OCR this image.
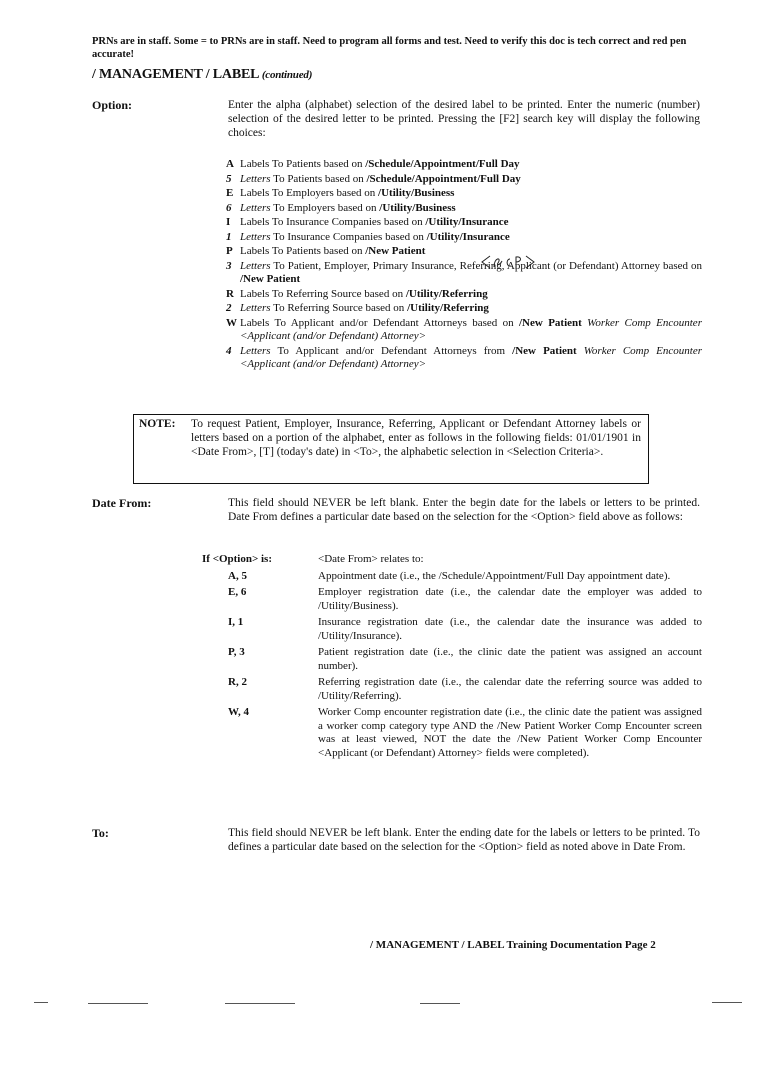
PRNs are in staff. Some = to PRNs are in staff. Need to program all forms and test. Need to verify this doc is tech correct and red pen accurate!
/ MANAGEMENT / LABEL (continued)
Option:	Enter the alpha (alphabet) selection of the desired label to be printed. Enter the numeric (number) selection of the desired letter to be printed. Pressing the [F2] search key will display the following choices:
A Labels To Patients based on /Schedule/Appointment/Full Day
5 Letters To Patients based on /Schedule/Appointment/Full Day
E Labels To Employers based on /Utility/Business
6 Letters To Employers based on /Utility/Business
I Labels To Insurance Companies based on /Utility/Insurance
1 Letters To Insurance Companies based on /Utility/Insurance
P Labels To Patients based on /New Patient
3 Letters To Patient, Employer, Primary Insurance, Referring, Applicant (or Defendant) Attorney based on /New Patient
R Labels To Referring Source based on /Utility/Referring
2 Letters To Referring Source based on /Utility/Referring
W Labels To Applicant and/or Defendant Attorneys based on /New Patient Worker Comp Encounter <Applicant (and/or Defendant) Attorney>
4 Letters To Applicant and/or Defendant Attorneys from /New Patient Worker Comp Encounter <Applicant (and/or Defendant) Attorney>
NOTE: To request Patient, Employer, Insurance, Referring, Applicant or Defendant Attorney labels or letters based on a portion of the alphabet, enter as follows in the following fields: 01/01/1901 in <Date From>, [T] (today's date) in <To>, the alphabetic selection in <Selection Criteria>.
Date From:	This field should NEVER be left blank. Enter the begin date for the labels or letters to be printed. Date From defines a particular date based on the selection for the <Option> field above as follows:
If <Option> is:	<Date From> relates to:
A, 5	Appointment date (i.e., the /Schedule/Appointment/Full Day appointment date).
E, 6	Employer registration date (i.e., the calendar date the employer was added to /Utility/Business).
I, 1	Insurance registration date (i.e., the calendar date the insurance was added to /Utility/Insurance).
P, 3	Patient registration date (i.e., the clinic date the patient was assigned an account number).
R, 2	Referring registration date (i.e., the calendar date the referring source was added to /Utility/Referring).
W, 4	Worker Comp encounter registration date (i.e., the clinic date the patient was assigned a worker comp category type AND the /New Patient Worker Comp Encounter screen was at least viewed, NOT the date the /New Patient Worker Comp Encounter <Applicant (or Defendant) Attorney> fields were completed).
To:	This field should NEVER be left blank. Enter the ending date for the labels or letters to be printed. To defines a particular date based on the selection for the <Option> field as noted above in Date From.
/ MANAGEMENT / LABEL Training Documentation Page 2
